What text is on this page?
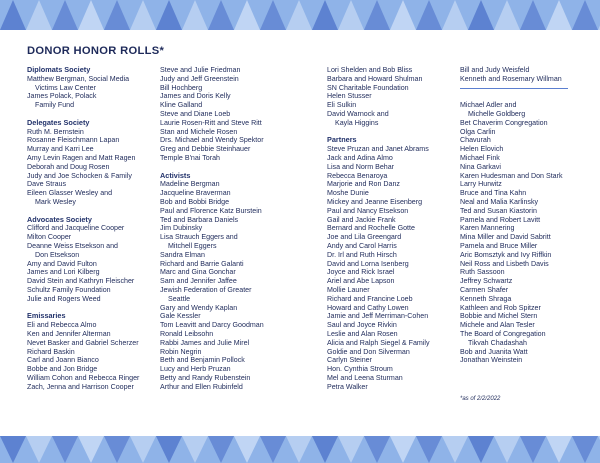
DONOR HONOR ROLLS*
Diplomats Society
Matthew Bergman, Social Media
Victims Law Center
James Polack, Polack
Family Fund
Delegates Society
Ruth M. Bernstein
Rosanne Fleischmann Lapan
Murray and Karri Lee
Amy Levin Ragen and Matt Ragen
Deborah and Doug Rosen
Judy and Joe Schocken & Family
Dave Straus
Eileen Glasser Wesley and
Mark Wesley
Advocates Society
Clifford and Jacqueline Cooper
Milton Cooper
Deanne Weiss Etsekson and
Don Etsekson
Amy and David Fulton
James and Lori Kilberg
David Stein and Kathryn Fleischer
Schultz Family Foundation
Julie and Rogers Weed
Emissaries
Eli and Rebecca Almo
Ken and Jennifer Alterman
Nevet Basker and Gabriel Scherzer
Richard Baskin
Carl and Joann Bianco
Bobbe and Jon Bridge
William Cohon and Rebecca Ringer
Zach, Jenna and Harrison Cooper
Steve and Julie Friedman
Judy and Jeff Greenstein
Bill Hochberg
James and Doris Kelly
Kline Galland
Steve and Diane Loeb
Laurie Rosen-Ritt and Steve Ritt
Stan and Michele Rosen
Drs. Michael and Wendy Spektor
Greg and Debbie Steinhauer
Temple B'nai Torah
Activists
Madeline Bergman
Jacqueline Braverman
Bob and Bobbi Bridge
Paul and Florence Katz Burstein
Ted and Barbara Daniels
Jim Dubinsky
Lisa Strauch Eggers and
Mitchell Eggers
Sandra Elman
Richard and Barrie Galanti
Marc and Gina Gonchar
Sam and Jennifer Jaffee
Jewish Federation of Greater
Seattle
Gary and Wendy Kaplan
Gale Kessler
Tom Leavitt and Darcy Goodman
Ronald Leibsohn
Rabbi James and Julie Mirel
Robin Negrin
Beth and Benjamin Pollock
Lucy and Herb Pruzan
Betty and Randy Rubenstein
Arthur and Ellen Rubinfeld
Lori Shelden and Bob Bliss
Barbara and Howard Shulman
SN Charitable Foundation
Helen Stusser
Eli Sulkin
David Warnock and
Kayla Higgins
Partners
Steve Pruzan and Janet Abrams
Jack and Adina Almo
Lisa and Norm Behar
Rebecca Benaroya
Marjorie and Ron Danz
Moshe Dunie
Mickey and Jeanne Eisenberg
Paul and Nancy Etsekson
Gail and Jackie Frank
Bernard and Rochelle Gotte
Joe and Lila Greengard
Andy and Carol Harris
Dr. Irl and Ruth Hirsch
David and Lorna Isenberg
Joyce and Rick Israel
Ariel and Abe Lapson
Mollie Launer
Richard and Francine Loeb
Howard and Cathy Lowen
Jamie and Jeff Merriman-Cohen
Saul and Joyce Rivkin
Leslie and Alan Rosen
Alicia and Ralph Siegel & Family
Goldie and Don Silverman
Carlyn Steiner
Hon. Cynthia Stroum
Mel and Leena Sturman
Petra Walker
Bill and Judy Weisfeld
Kenneth and Rosemary Willman
Michael Adler and
Michelle Goldberg
Bet Chaverim Congregation
Olga Carlin
Chavurah
Helen Elovich
Michael Fink
Nina Garkavi
Karen Hudesman and Don Stark
Larry Hurwitz
Bruce and Tina Kahn
Neal and Malia Karlinsky
Ted and Susan Kiastorin
Pamela and Robert Lavitt
Karen Mannering
Mina Miller and David Sabritt
Pamela and Bruce Miller
Aric Bomsztyk and Ivy Riffkin
Neil Ross and Lisbeth Davis
Ruth Sassoon
Jeffrey Schwartz
Carmen Shafer
Kenneth Shraga
Kathleen and Rob Spitzer
Bobbie and Michel Stern
Michele and Alan Tesler
The Board of Congregation
Tikvah Chadashah
Bob and Juanita Watt
Jonathan Weinstein
*as of 2/2/2022
